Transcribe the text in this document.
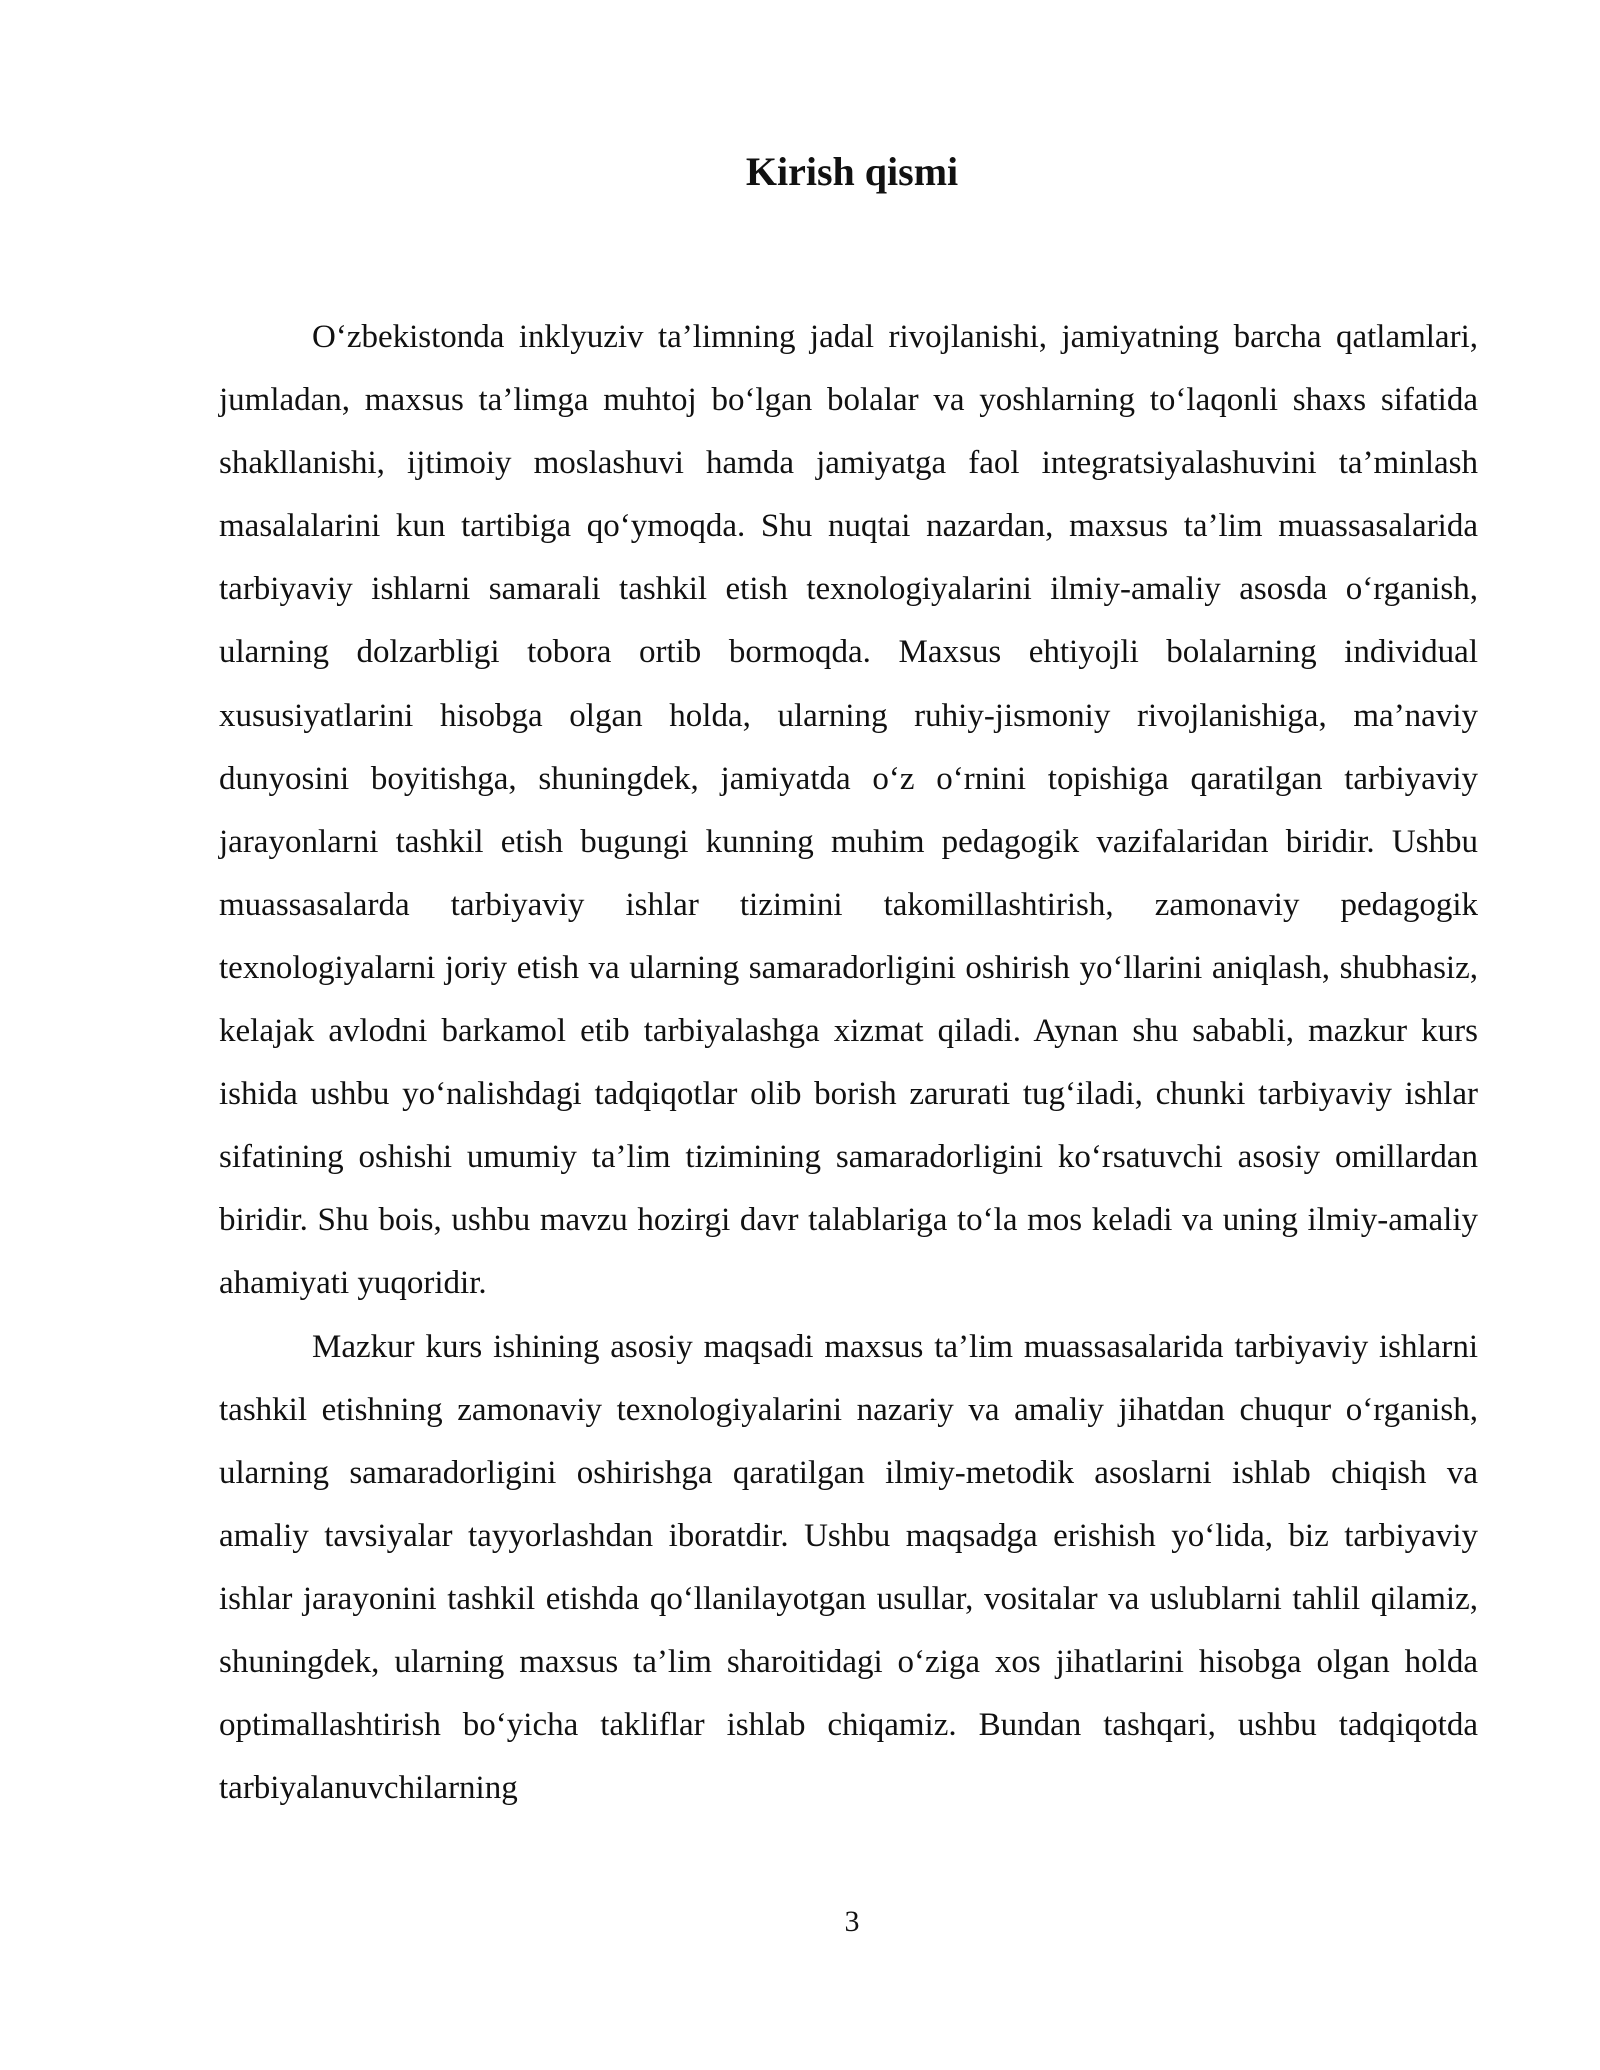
Kirish qismi

O‘zbekistonda inklyuziv ta’limning jadal rivojlanishi, jamiyatning barcha qatlamlari, jumladan, maxsus ta’limga muhtoj bo‘lgan bolalar va yoshlarning to‘laqonli shaxs sifatida shakllanishi, ijtimoiy moslashuvi hamda jamiyatga faol integratsiyalashuvini ta’minlash masalalarini kun tartibiga qo‘ymoqda. Shu nuqtai nazardan, maxsus ta’lim muassasalarida tarbiyaviy ishlarni samarali tashkil etish texnologiyalarini ilmiy-amaliy asosda o‘rganish, ularning dolzarbligi tobora ortib bormoqda. Maxsus ehtiyojli bolalarning individual xususiyatlarini hisobga olgan holda, ularning ruhiy-jismoniy rivojlanishiga, ma’naviy dunyosini boyitishga, shuningdek, jamiyatda o‘z o‘rnini topishiga qaratilgan tarbiyaviy jarayonlarni tashkil etish bugungi kunning muhim pedagogik vazifalaridan biridir. Ushbu muassasalarda tarbiyaviy ishlar tizimini takomillashtirish, zamonaviy pedagogik texnologiyalarni joriy etish va ularning samaradorligini oshirish yo‘llarini aniqlash, shubhasiz, kelajak avlodni barkamol etib tarbiyalashga xizmat qiladi. Aynan shu sababli, mazkur kurs ishida ushbu yo‘nalishdagi tadqiqotlar olib borish zarurati tug‘iladi, chunki tarbiyaviy ishlar sifatining oshishi umumiy ta’lim tizimining samaradorligini ko‘rsatuvchi asosiy omillardan biridir. Shu bois, ushbu mavzu hozirgi davr talablariga to‘la mos keladi va uning ilmiy-amaliy ahamiyati yuqoridir.

Mazkur kurs ishining asosiy maqsadi maxsus ta’lim muassasalarida tarbiyaviy ishlarni tashkil etishning zamonaviy texnologiyalarini nazariy va amaliy jihatdan chuqur o‘rganish, ularning samaradorligini oshirishga qaratilgan ilmiy-metodik asoslarni ishlab chiqish va amaliy tavsiyalar tayyorlashdan iboratdir. Ushbu maqsadga erishish yo‘lida, biz tarbiyaviy ishlar jarayonini tashkil etishda qo‘llanilayotgan usullar, vositalar va uslublarni tahlil qilamiz, shuningdek, ularning maxsus ta’lim sharoitidagi o‘ziga xos jihatlarini hisobga olgan holda optimallashtirish bo‘yicha takliflar ishlab chiqamiz. Bundan tashqari, ushbu tadqiqotda tarbiyalanuvchilarning

3
